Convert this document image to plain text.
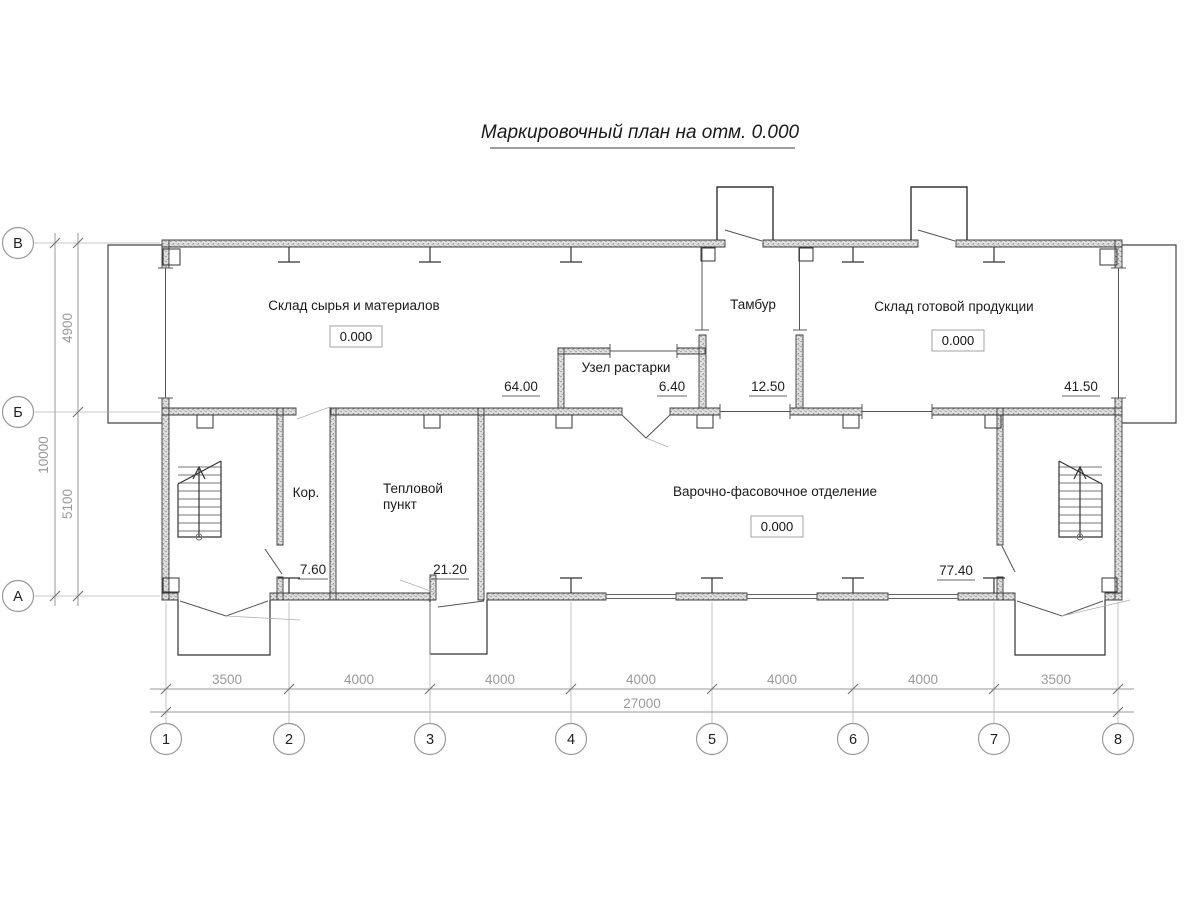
Маркировочный план на отм. 0.000
3500	4000	4000	4000	4000	4000	3500
27000
4900
5100
10000
1	2	3	4	5	6	7	8
В
Б
А
Склад сырья и материалов
0.000
64.00
Узел растарки
6.40
Тамбур
12.50
Склад готовой продукции
0.000
41.50
Кор.
7.60
Тепловой
пункт
21.20
Варочно-фасовочное отделение
0.000
77.40
